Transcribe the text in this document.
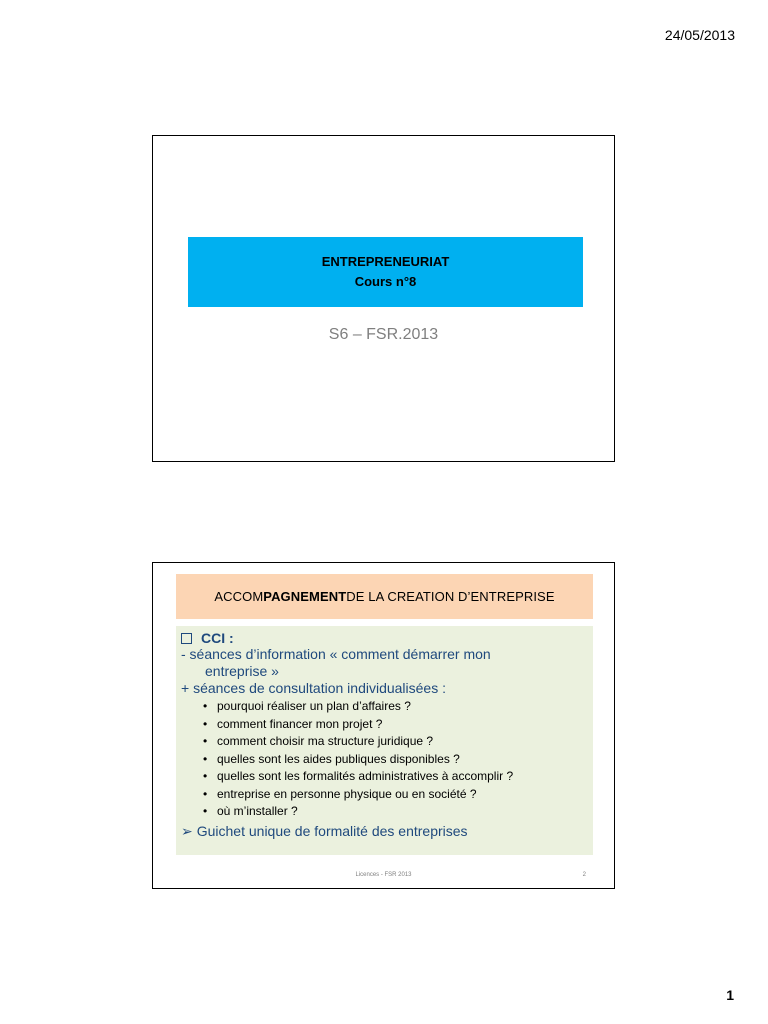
24/05/2013
ENTREPRENEURIAT
Cours n°8
S6 – FSR.2013
ACCOM PAGNEMENT DE LA CREATION D’ENTREPRISE
CCI :
- séances d’information « comment démarrer mon
entreprise »
+ séances de consultation individualisées :
• pourquoi réaliser un plan d’affaires ?
• comment financer mon projet ?
• comment choisir ma structure juridique ?
• quelles sont les aides publiques disponibles ?
• quelles sont les formalités administratives à accomplir ?
• entreprise en personne physique ou en société ?
• où m’installer ?
➢ Guichet unique de formalité des entreprises
Licences - FSR 2013	2
1
